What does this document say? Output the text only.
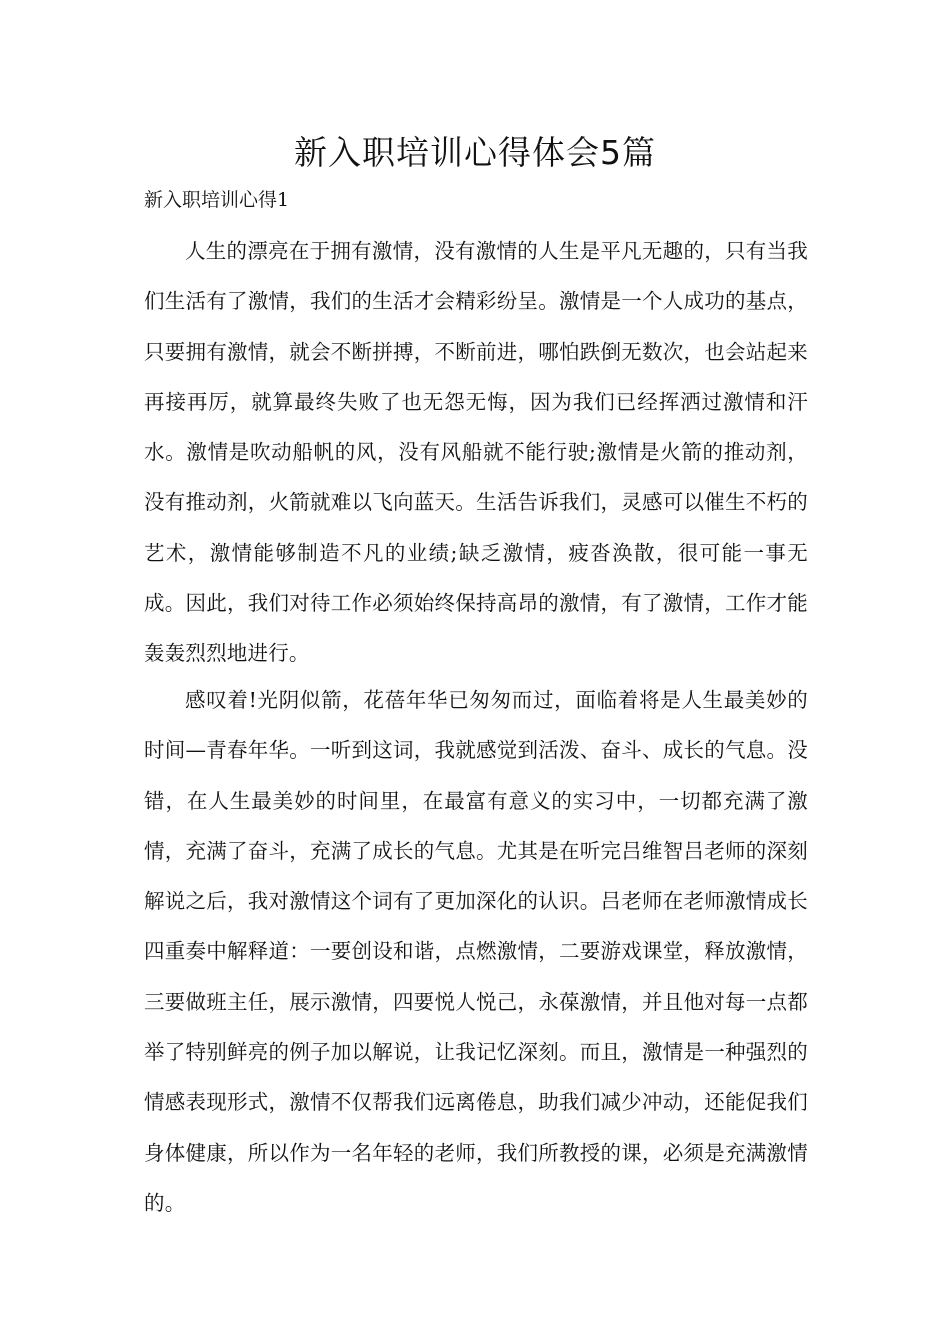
新入职培训心得体会5篇

新入职培训心得1

人生的漂亮在于拥有激情，没有激情的人生是平凡无趣的，只有当我们生活有了激情，我们的生活才会精彩纷呈。激情是一个人成功的基点，只要拥有激情，就会不断拼搏，不断前进，哪怕跌倒无数次，也会站起来再接再厉，就算最终失败了也无怨无悔，因为我们已经挥洒过激情和汗水。激情是吹动船帆的风，没有风船就不能行驶;激情是火箭的推动剂，没有推动剂，火箭就难以飞向蓝天。生活告诉我们，灵感可以催生不朽的艺术，激情能够制造不凡的业绩;缺乏激情，疲沓涣散，很可能一事无成。因此，我们对待工作必须始终保持高昂的激情，有了激情，工作才能轰轰烈烈地进行。

感叹着!光阴似箭，花蓓年华已匆匆而过，面临着将是人生最美妙的时间—青春年华。一听到这词，我就感觉到活泼、奋斗、成长的气息。没错，在人生最美妙的时间里，在最富有意义的实习中，一切都充满了激情，充满了奋斗，充满了成长的气息。尤其是在听完吕维智吕老师的深刻解说之后，我对激情这个词有了更加深化的认识。吕老师在老师激情成长四重奏中解释道：一要创设和谐，点燃激情，二要游戏课堂，释放激情，三要做班主任，展示激情，四要悦人悦己，永葆激情，并且他对每一点都举了特别鲜亮的例子加以解说，让我记忆深刻。而且，激情是一种强烈的情感表现形式，激情不仅帮我们远离倦息，助我们减少冲动，还能促我们身体健康，所以作为一名年轻的老师，我们所教授的课，必须是充满激情的。
